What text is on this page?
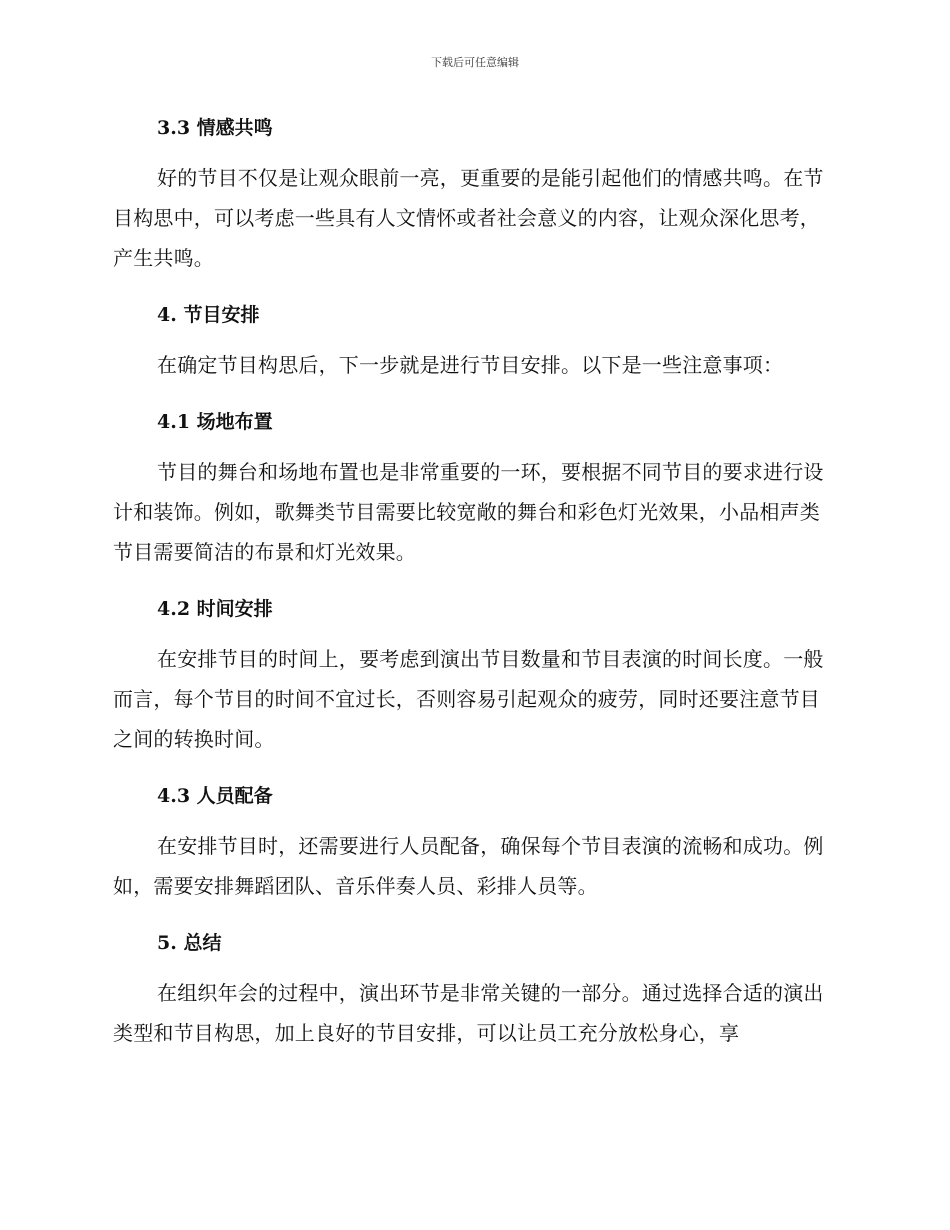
下载后可任意编辑
3.3 情感共鸣

好的节目不仅是让观众眼前一亮，更重要的是能引起他们的情感共鸣。在节目构思中，可以考虑一些具有人文情怀或者社会意义的内容，让观众深化思考，产生共鸣。

4. 节目安排

在确定节目构思后，下一步就是进行节目安排。以下是一些注意事项：

4.1 场地布置

节目的舞台和场地布置也是非常重要的一环，要根据不同节目的要求进行设计和装饰。例如，歌舞类节目需要比较宽敞的舞台和彩色灯光效果，小品相声类节目需要简洁的布景和灯光效果。

4.2 时间安排

在安排节目的时间上，要考虑到演出节目数量和节目表演的时间长度。一般而言，每个节目的时间不宜过长，否则容易引起观众的疲劳，同时还要注意节目之间的转换时间。

4.3 人员配备

在安排节目时，还需要进行人员配备，确保每个节目表演的流畅和成功。例如，需要安排舞蹈团队、音乐伴奏人员、彩排人员等。

5. 总结

在组织年会的过程中，演出环节是非常关键的一部分。通过选择合适的演出类型和节目构思，加上良好的节目安排，可以让员工充分放松身心，享
